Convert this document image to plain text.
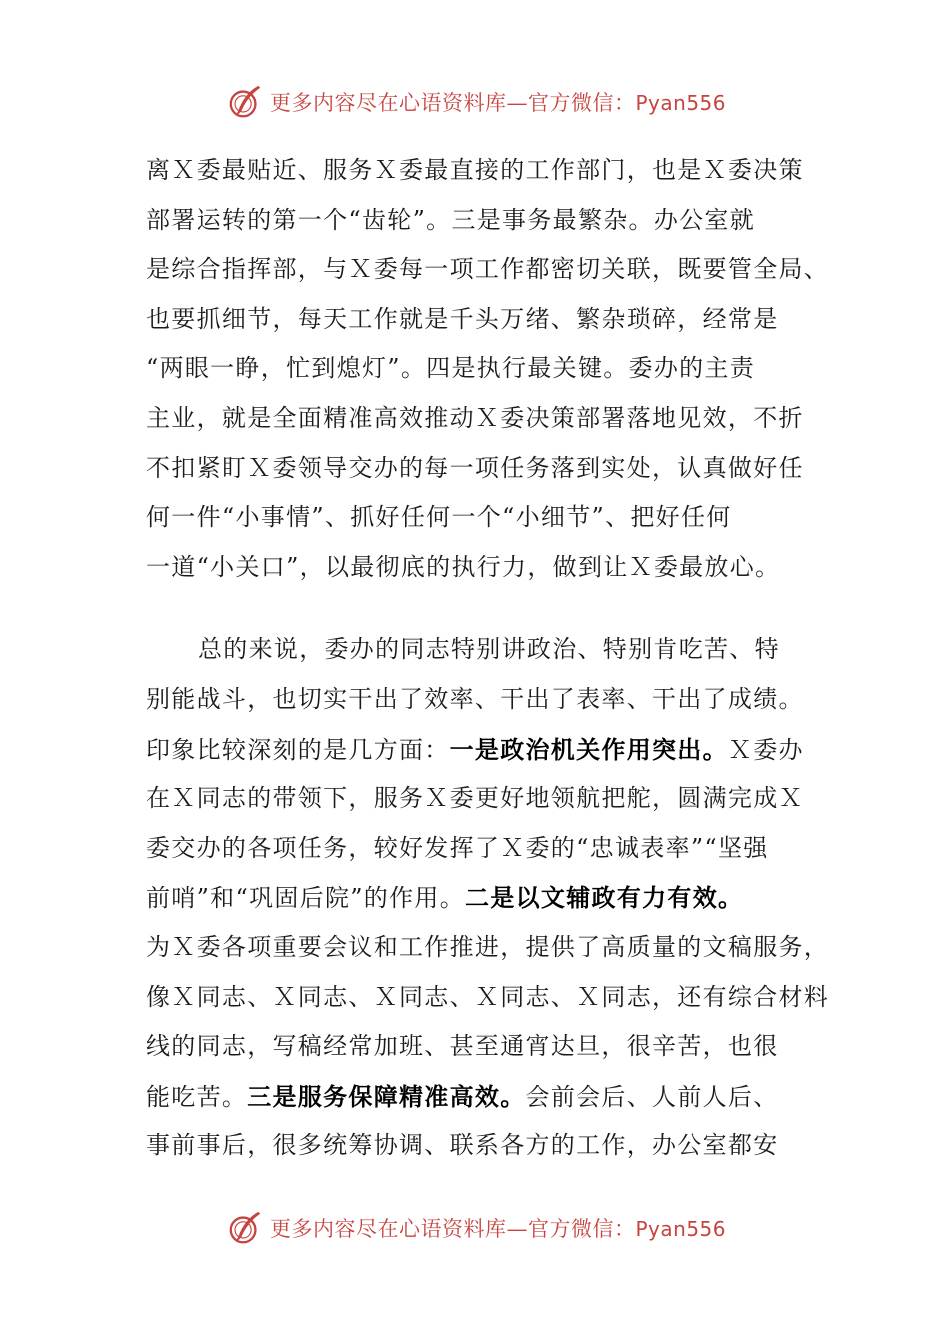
更多内容尽在心语资料库—官方微信：Pyan556
离Ｘ委最贴近、服务Ｘ委最直接的工作部门，也是Ｘ委决策
部署运转的第一个“齿轮”。三是事务最繁杂。办公室就
是综合指挥部，与Ｘ委每一项工作都密切关联，既要管全局、
也要抓细节，每天工作就是千头万绪、繁杂琐碎，经常是
“两眼一睁，忙到熄灯”。四是执行最关键。委办的主责
主业，就是全面精准高效推动Ｘ委决策部署落地见效，不折
不扣紧盯Ｘ委领导交办的每一项任务落到实处，认真做好任
何一件“小事情”、抓好任何一个“小细节”、把好任何
一道“小关口”，以最彻底的执行力，做到让Ｘ委最放心。
总的来说，委办的同志特别讲政治、特别肯吃苦、特
别能战斗，也切实干出了效率、干出了表率、干出了成绩。
印象比较深刻的是几方面：一是政治机关作用突出。Ｘ委办
在Ｘ同志的带领下，服务Ｘ委更好地领航把舵，圆满完成Ｘ
委交办的各项任务，较好发挥了Ｘ委的“忠诚表率”“坚强
前哨”和“巩固后院”的作用。二是以文辅政有力有效。
为Ｘ委各项重要会议和工作推进，提供了高质量的文稿服务，
像Ｘ同志、Ｘ同志、Ｘ同志、Ｘ同志、Ｘ同志，还有综合材料
线的同志，写稿经常加班、甚至通宵达旦，很辛苦，也很
能吃苦。三是服务保障精准高效。会前会后、人前人后、
事前事后，很多统筹协调、联系各方的工作，办公室都安
更多内容尽在心语资料库—官方微信：Pyan556
